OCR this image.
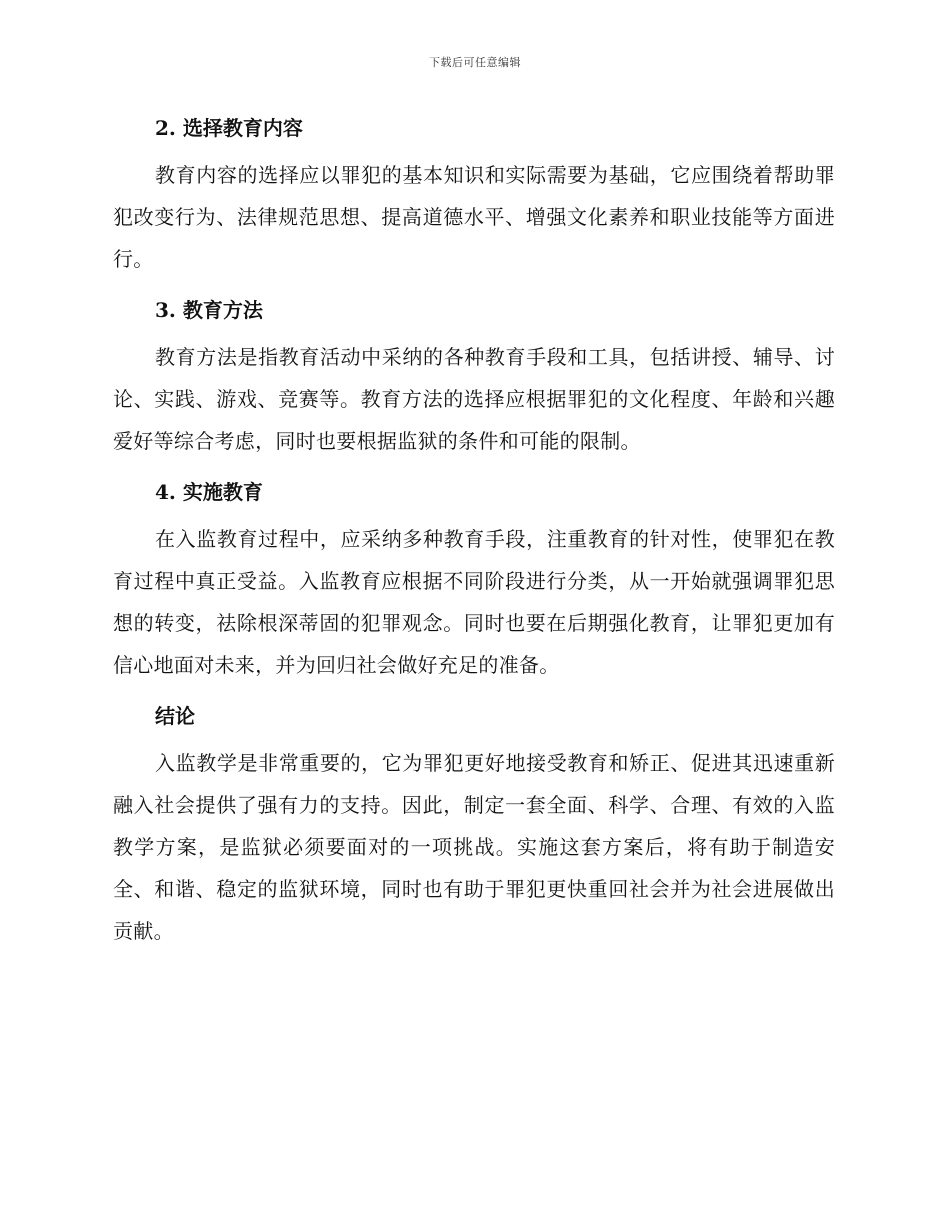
下载后可任意编辑
2. 选择教育内容

教育内容的选择应以罪犯的基本知识和实际需要为基础，它应围绕着帮助罪犯改变行为、法律规范思想、提高道德水平、增强文化素养和职业技能等方面进行。

3. 教育方法

教育方法是指教育活动中采纳的各种教育手段和工具，包括讲授、辅导、讨论、实践、游戏、竞赛等。教育方法的选择应根据罪犯的文化程度、年龄和兴趣爱好等综合考虑，同时也要根据监狱的条件和可能的限制。

4. 实施教育

在入监教育过程中，应采纳多种教育手段，注重教育的针对性，使罪犯在教育过程中真正受益。入监教育应根据不同阶段进行分类，从一开始就强调罪犯思想的转变，祛除根深蒂固的犯罪观念。同时也要在后期强化教育，让罪犯更加有信心地面对未来，并为回归社会做好充足的准备。

结论

入监教学是非常重要的，它为罪犯更好地接受教育和矫正、促进其迅速重新融入社会提供了强有力的支持。因此，制定一套全面、科学、合理、有效的入监教学方案，是监狱必须要面对的一项挑战。实施这套方案后，将有助于制造安全、和谐、稳定的监狱环境，同时也有助于罪犯更快重回社会并为社会进展做出贡献。
